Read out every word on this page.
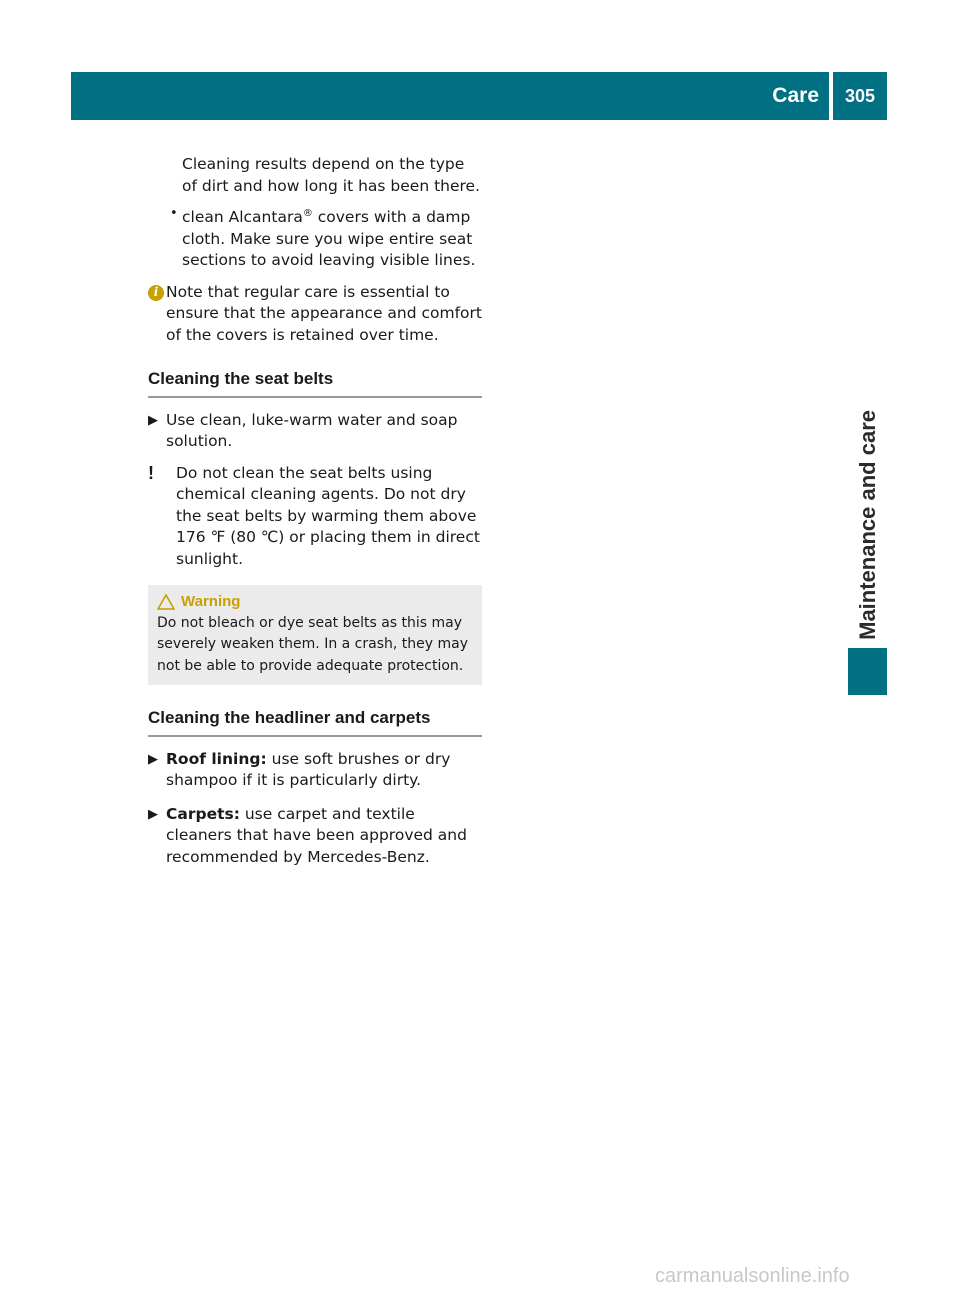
Care	305
Maintenance and care

Cleaning results depend on the type of dirt and how long it has been there.

• clean Alcantara® covers with a damp cloth. Make sure you wipe entire seat sections to avoid leaving visible lines.
i Note that regular care is essential to ensure that the appearance and comfort of the covers is retained over time.
Cleaning the seat belts
▶ Use clean, luke-warm water and soap solution.
! Do not clean the seat belts using chemical cleaning agents. Do not dry the seat belts by warming them above 176 ℉ (80 ℃) or placing them in direct sunlight.
Warning

Do not bleach or dye seat belts as this may severely weaken them. In a crash, they may not be able to provide adequate protection.

Cleaning the headliner and carpets
▶ Roof lining: use soft brushes or dry shampoo if it is particularly dirty.
▶ Carpets: use carpet and textile cleaners that have been approved and recommended by Mercedes-Benz.
carmanualsonline.info
